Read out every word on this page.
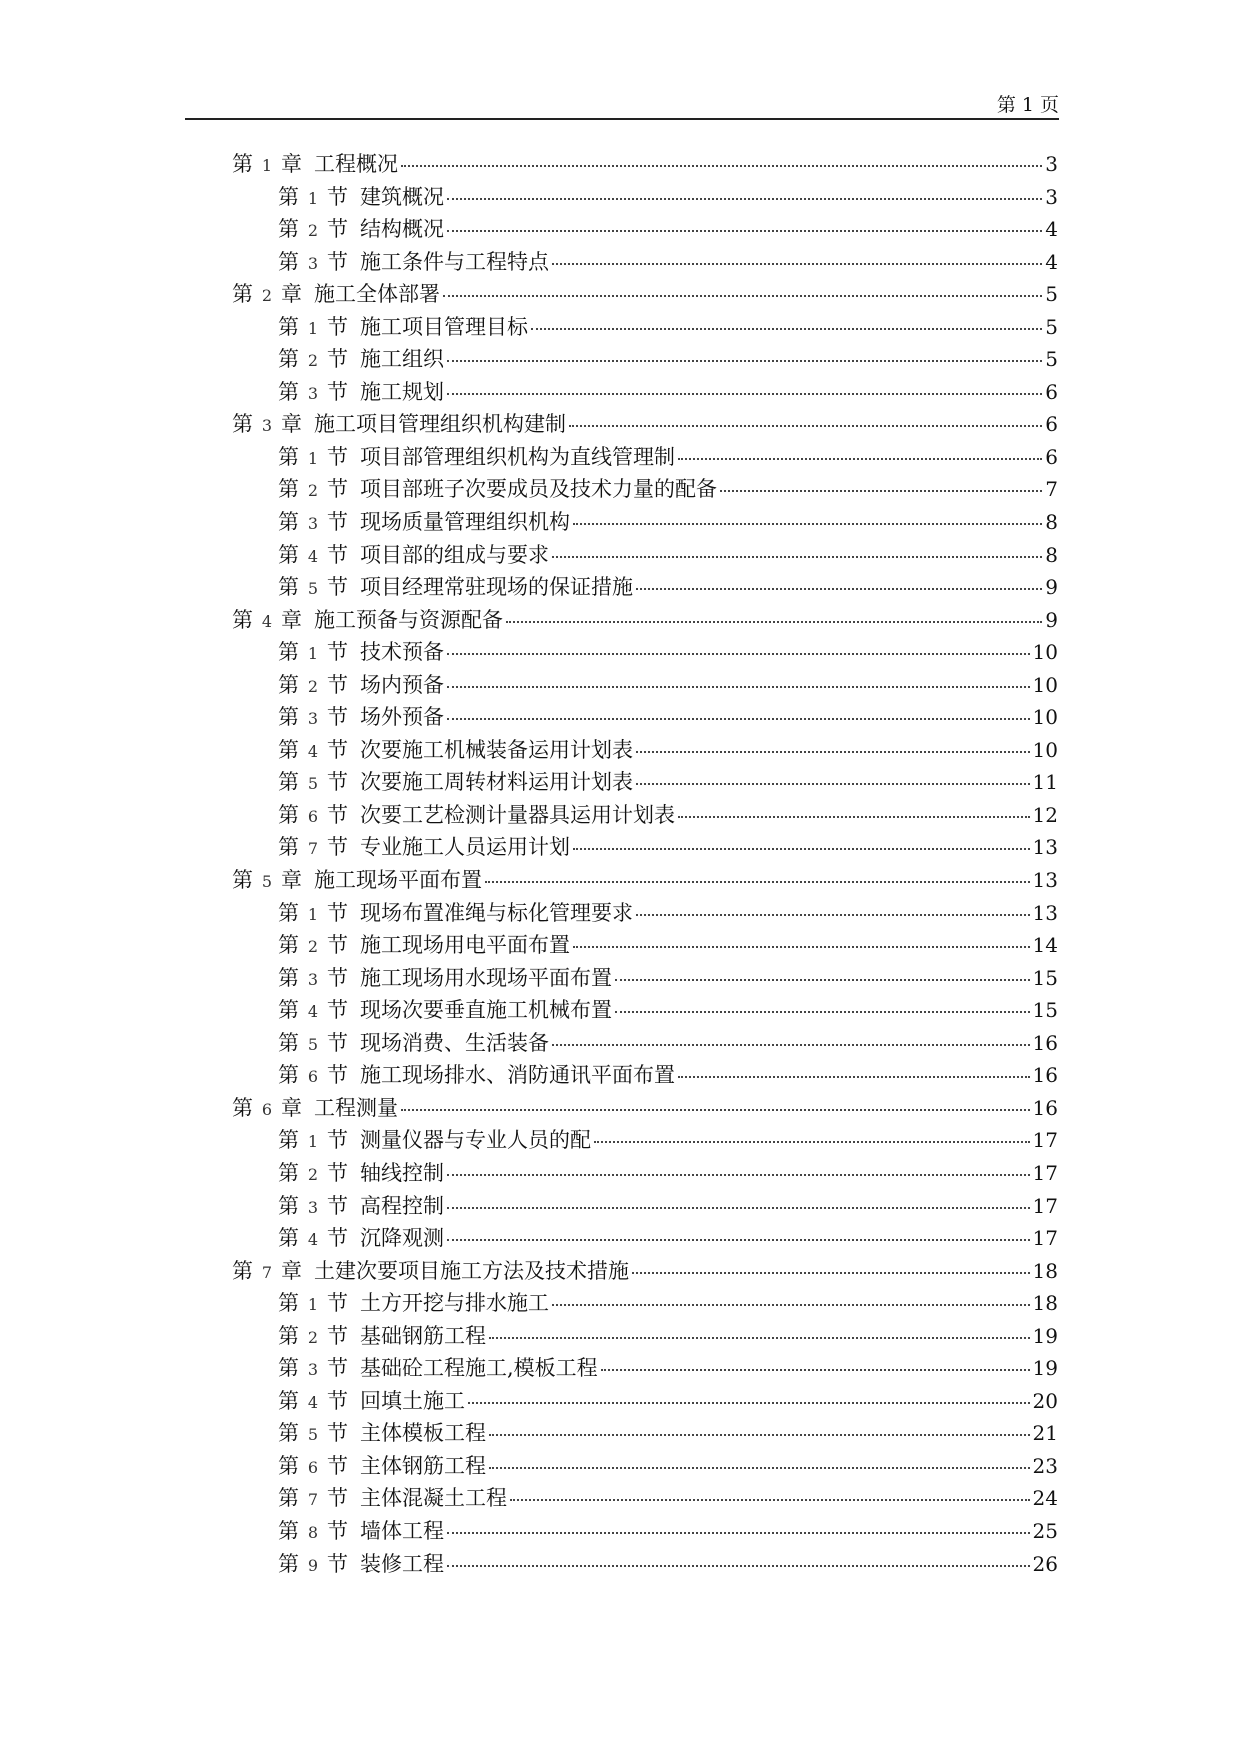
第 1 页
第 1 章 工程概况	3
第 1 节 建筑概况	3
第 2 节 结构概况	4
第 3 节 施工条件与工程特点	4
第 2 章 施工全体部署	5
第 1 节 施工项目管理目标	5
第 2 节 施工组织	5
第 3 节 施工规划	6
第 3 章 施工项目管理组织机构建制	6
第 1 节 项目部管理组织机构为直线管理制	6
第 2 节 项目部班子次要成员及技术力量的配备	7
第 3 节 现场质量管理组织机构	8
第 4 节 项目部的组成与要求	8
第 5 节 项目经理常驻现场的保证措施	9
第 4 章 施工预备与资源配备	9
第 1 节 技术预备	10
第 2 节 场内预备	10
第 3 节 场外预备	10
第 4 节 次要施工机械装备运用计划表	10
第 5 节 次要施工周转材料运用计划表	11
第 6 节 次要工艺检测计量器具运用计划表	12
第 7 节 专业施工人员运用计划	13
第 5 章 施工现场平面布置	13
第 1 节 现场布置准绳与标化管理要求	13
第 2 节 施工现场用电平面布置	14
第 3 节 施工现场用水现场平面布置	15
第 4 节 现场次要垂直施工机械布置	15
第 5 节 现场消费、生活装备	16
第 6 节 施工现场排水、消防通讯平面布置	16
第 6 章 工程测量	16
第 1 节 测量仪器与专业人员的配	17
第 2 节 轴线控制	17
第 3 节 高程控制	17
第 4 节 沉降观测	17
第 7 章 土建次要项目施工方法及技术措施	18
第 1 节 土方开挖与排水施工	18
第 2 节 基础钢筋工程	19
第 3 节 基础砼工程施工,模板工程	19
第 4 节 回填土施工	20
第 5 节 主体模板工程	21
第 6 节 主体钢筋工程	23
第 7 节 主体混凝土工程	24
第 8 节 墙体工程	25
第 9 节 装修工程	26
